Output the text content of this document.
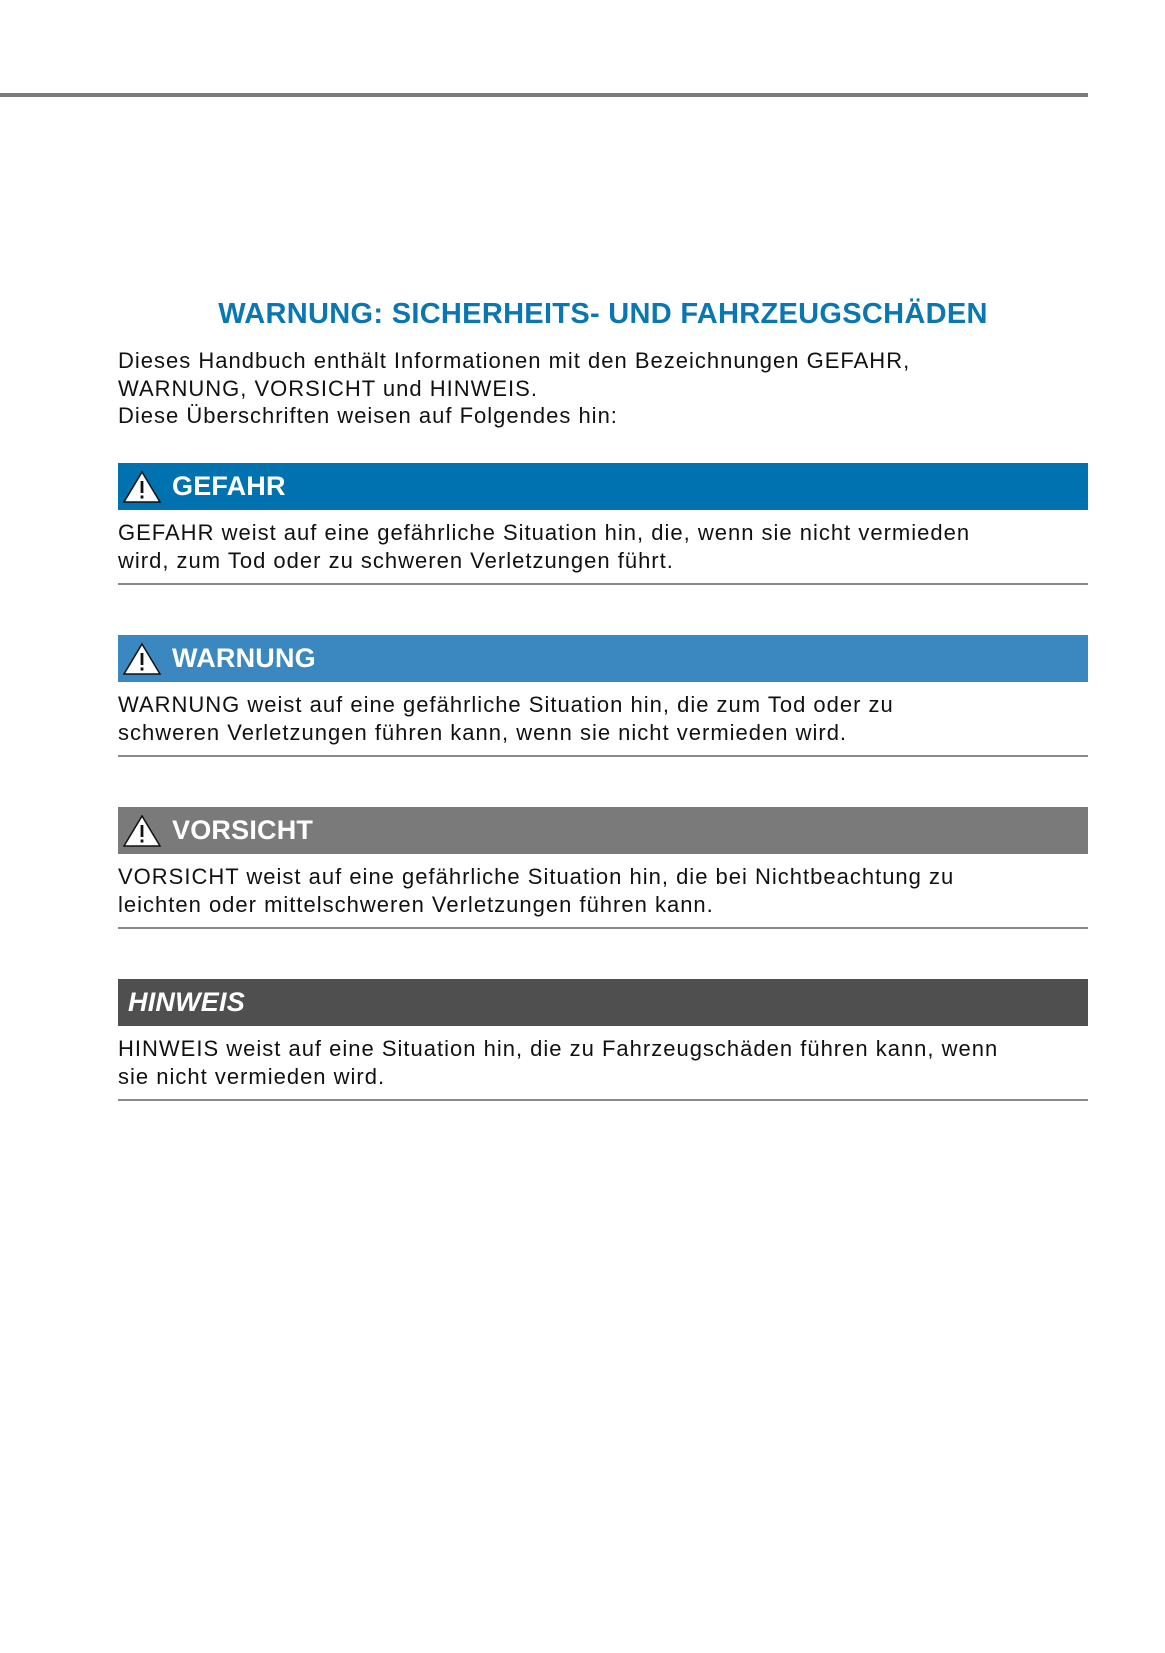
WARNUNG: SICHERHEITS- UND FAHRZEUGSCHÄDEN
Dieses Handbuch enthält Informationen mit den Bezeichnungen GEFAHR,
WARNUNG, VORSICHT und HINWEIS.
Diese Überschriften weisen auf Folgendes hin:
GEFAHR
GEFAHR weist auf eine gefährliche Situation hin, die, wenn sie nicht vermieden
wird, zum Tod oder zu schweren Verletzungen führt.
WARNUNG
WARNUNG weist auf eine gefährliche Situation hin, die zum Tod oder zu
schweren Verletzungen führen kann, wenn sie nicht vermieden wird.
VORSICHT
VORSICHT weist auf eine gefährliche Situation hin, die bei Nichtbeachtung zu
leichten oder mittelschweren Verletzungen führen kann.
HINWEIS
HINWEIS weist auf eine Situation hin, die zu Fahrzeugschäden führen kann, wenn
sie nicht vermieden wird.
